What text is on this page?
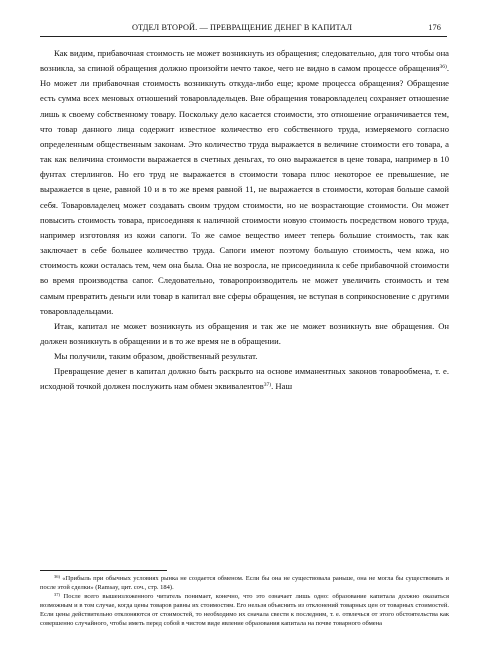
ОТДЕЛ ВТОРОЙ. — ПРЕВРАЩЕНИЕ ДЕНЕГ В КАПИТАЛ	176

Как видим, прибавочная стоимость не может возникнуть из обращения; следовательно, для того чтобы она возникла, за спиной обращения должно произойти нечто такое, чего не видно в самом процессе обращения$^{36)}$. Но может ли прибавочная стоимость возникнуть откуда-либо еще; кроме процесса обращения? Обращение есть сумма всех меновых отношений товаровладельцев. Вне обращения товаровладелец сохраняет отношение лишь к своему собственному товару. Поскольку дело касается стоимости, это отношение ограничивается тем, что товар данного лица содержит известное количество его собственного труда, измеряемого согласно определенным общественным законам. Это количество труда выражается в величине стоимости его товара, а так как величина стоимости выражается в счетных деньгах, то оно выражается в цене товара, например в 10 фунтах стерлингов. Но его труд не выражается в стоимости товара плюс некоторое ее превышение, не выражается в цене, равной 10 и в то же время равной 11, не выражается в стоимости, которая больше самой себя. Товаровладелец может создавать своим трудом стоимости, но не возрастающие стоимости. Он может повысить стоимость товара, присоединяя к наличной стоимости новую стоимость посредством нового труда, например изготовляя из кожи сапоги. То же самое вещество имеет теперь большие стоимость, так как заключает в себе большее количество труда. Сапоги имеют поэтому большую стоимость, чем кожа, но стоимость кожи осталась тем, чем она была. Она не возросла, не присоединила к себе прибавочной стоимости во время производства сапог. Следовательно, товаропроизводитель не может увеличить стоимость и тем самым превратить деньги или товар в капитал вне сферы обращения, не вступая в соприкосновение с другими товаровладельцами.

Итак, капитал не может возникнуть из обращения и так же не может возникнуть вне обращения. Он должен возникнуть в обращении и в то же время не в обращении.

Мы получили, таким образом, двойственный результат.

Превращение денег в капитал должно быть раскрыто на основе имманентных законов товарообмена, т. е. исходной точкой должен послужить нам обмен эквивалентов$^{37)}$. Наш

$^{36)}$ «Прибыль при обычных условиях рынка не создается обменом. Если бы она не существовала раньше, она не могла бы существовать и после этой сделки» (Ramsay, цит. соч., стр. 184).

$^{37)}$ После всего вышеизложенного читатель понимает, конечно, что это означает лишь одно: образование капитала должно оказаться возможным и в том случае, когда цены товаров равны их стоимостям. Его нельзя объяснить из отклонений товарных цен от товарных стоимостей. Если цены действительно отклоняются от стоимостей, то необходимо их сначала свести к последним, т. е. отвлечься от этого обстоятельства как совершенно случайного, чтобы иметь перед собой в чистом виде явление образования капитала на почве товарного обмена
